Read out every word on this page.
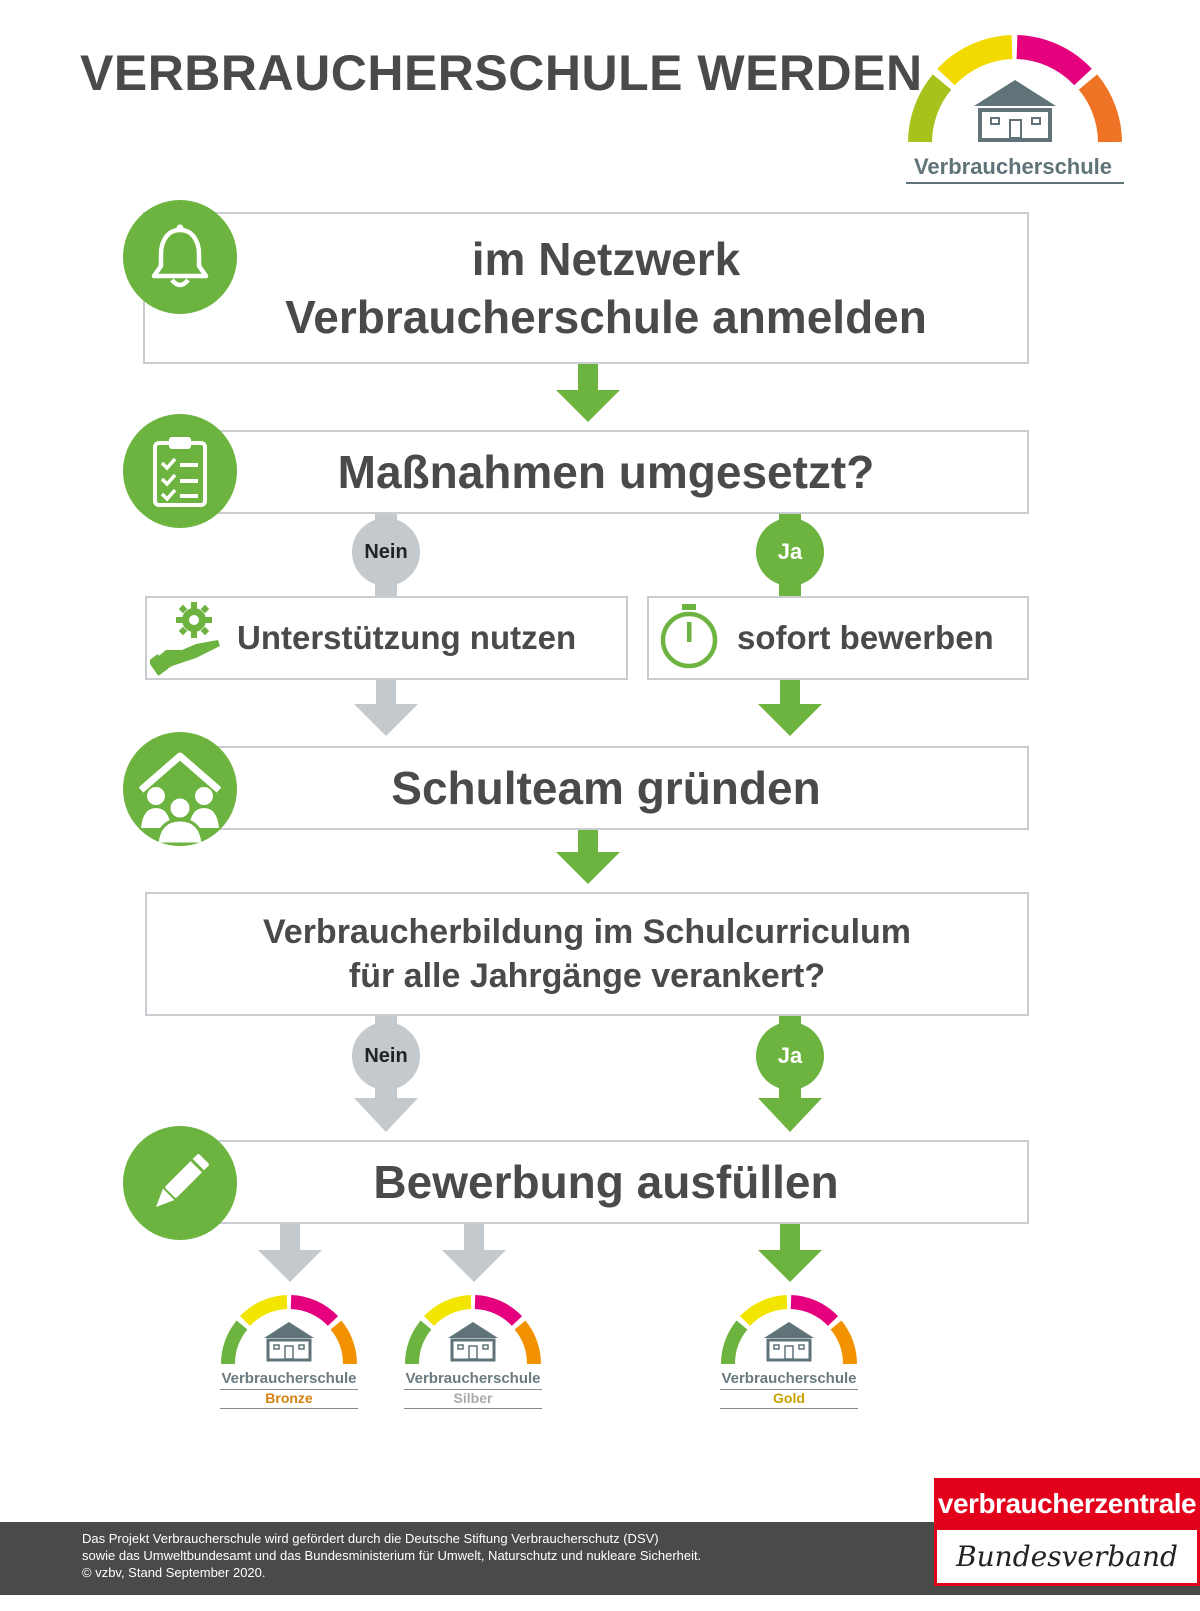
VERBRAUCHERSCHULE WERDEN
Verbraucherschule
im Netzwerk
Verbraucherschule anmelden
Maßnahmen umgesetzt?
Nein	Ja
Unterstützung nutzen	sofort bewerben
Schulteam gründen
Verbraucherbildung im Schulcurriculum
für alle Jahrgänge verankert?
Nein	Ja
Bewerbung ausfüllen
Verbraucherschule
Bronze
Verbraucherschule
Silber
Verbraucherschule
Gold
Das Projekt Verbraucherschule wird gefördert durch die Deutsche Stiftung Verbraucherschutz (DSV)
sowie das Umweltbundesamt und das Bundesministerium für Umwelt, Naturschutz und nukleare Sicherheit.
© vzbv, Stand September 2020.
verbraucherzentrale
Bundesverband
